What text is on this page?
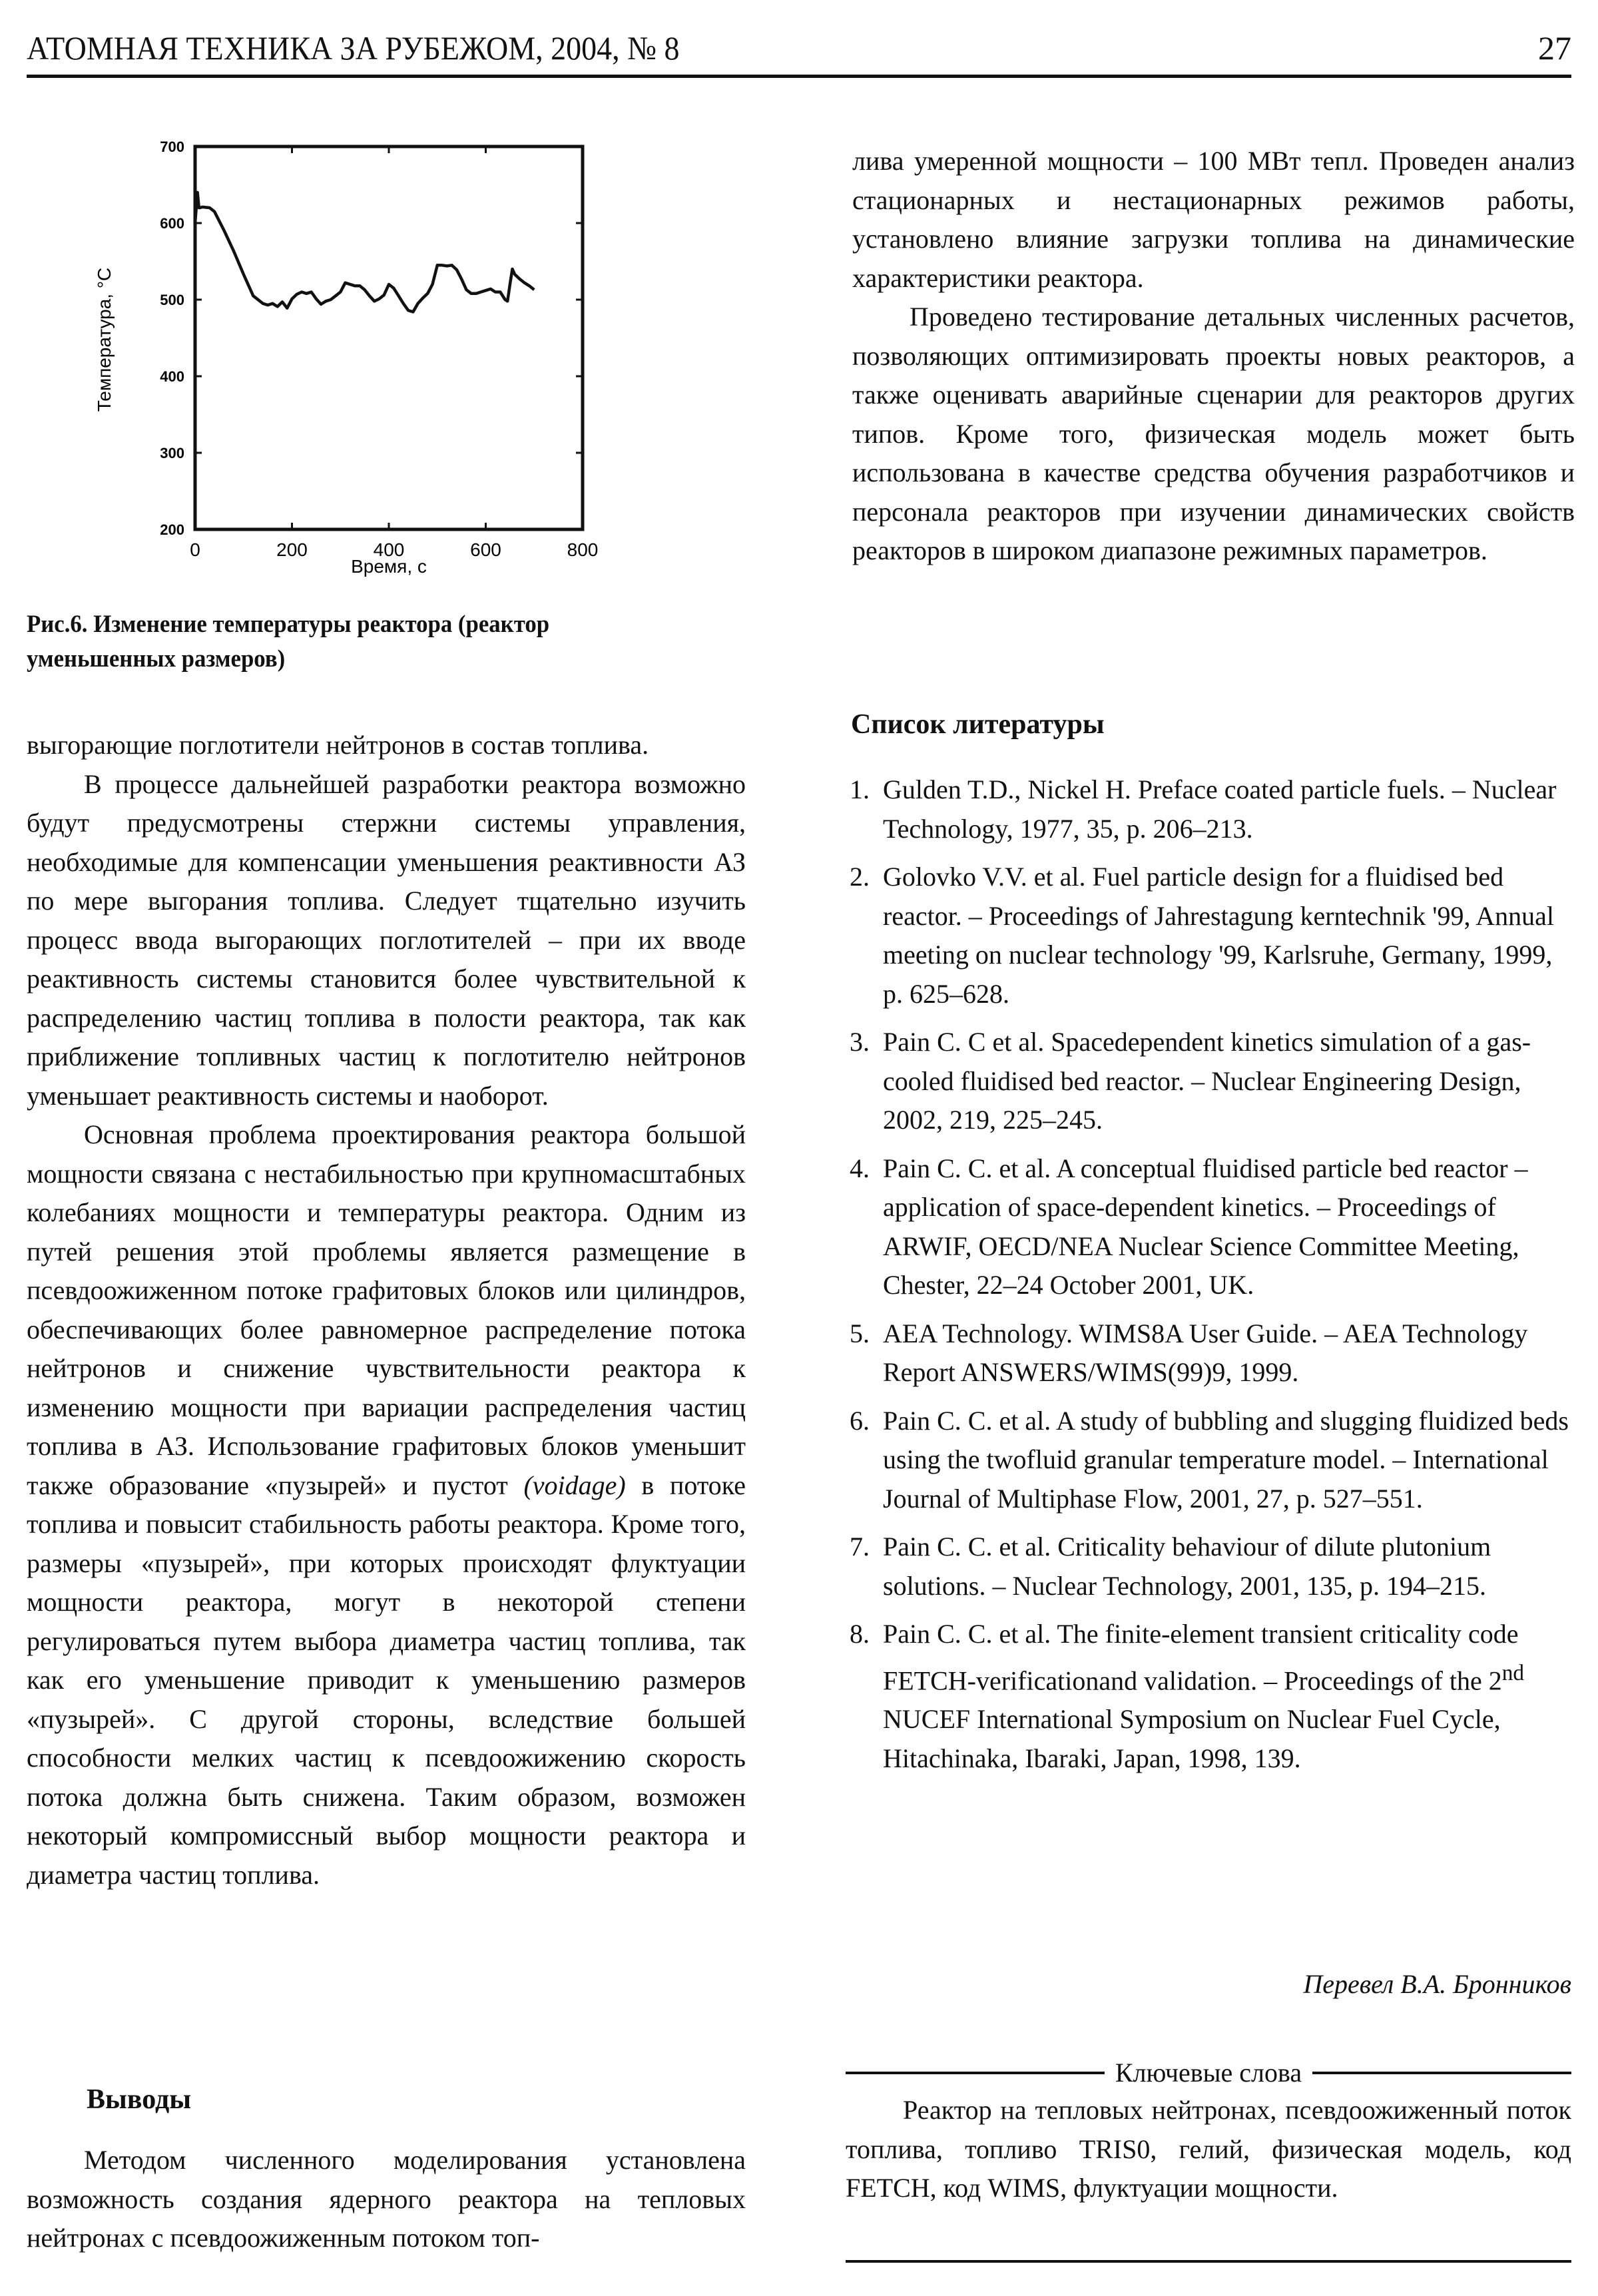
АТОМНАЯ ТЕХНИКА ЗА РУБЕЖОМ, 2004, № 8	27
200
300
400
500
600
700
0	200	400	600	800
Температура, °С
Время, с
Рис.6. Изменение температуры реактора (реактор уменьшенных размеров)

выгорающие поглотители нейтронов в состав топлива.

В процессе дальнейшей разработки реактора возможно будут предусмотрены стержни системы управления, необходимые для компенсации уменьшения реактивности АЗ по мере выгорания топлива. Следует тщательно изучить процесс ввода выгорающих поглотителей – при их вводе реактивность системы становится более чувствительной к распределению частиц топлива в полости реактора, так как приближение топливных частиц к поглотителю нейтронов уменьшает реактивность системы и наоборот.

Основная проблема проектирования реактора большой мощности связана с нестабильностью при крупномасштабных колебаниях мощности и температуры реактора. Одним из путей решения этой проблемы является размещение в псевдоожиженном потоке графитовых блоков или цилиндров, обеспечивающих более равномерное распределение потока нейтронов и снижение чувствительности реактора к изменению мощности при вариации распределения частиц топлива в АЗ. Использование графитовых блоков уменьшит также образование «пузырей» и пустот (voidage) в потоке топлива и повысит стабильность работы реактора. Кроме того, размеры «пузырей», при которых происходят флуктуации мощности реактора, могут в некоторой степени регулироваться путем выбора диаметра частиц топлива, так как его уменьшение приводит к уменьшению размеров «пузырей». С другой стороны, вследствие большей способности мелких частиц к псевдоожижению скорость потока должна быть снижена. Таким образом, возможен некоторый компромиссный выбор мощности реактора и диаметра частиц топлива.

Выводы

Методом численного моделирования установлена возможность создания ядерного реактора на тепловых нейтронах с псевдоожиженным потоком топ-

лива умеренной мощности – 100 МВт тепл. Проведен анализ стационарных и нестационарных режимов работы, установлено влияние загрузки топлива на динамические характеристики реактора.

Проведено тестирование детальных численных расчетов, позволяющих оптимизировать проекты новых реакторов, а также оценивать аварийные сценарии для реакторов других типов. Кроме того, физическая модель может быть использована в качестве средства обучения разработчиков и персонала реакторов при изучении динамических свойств реакторов в широком диапазоне режимных параметров.

Список литературы
1. Gulden T.D., Nickel H. Preface coated particle fuels. – Nuclear Technology, 1977, 35, p. 206–213.
2. Golovko V.V. et al. Fuel particle design for a fluidised bed reactor. – Proceedings of Jahrestagung kerntechnik '99, Annual meeting on nuclear technology '99, Karlsruhe, Germany, 1999, p. 625–628.
3. Pain C. C et al. Spacedependent kinetics simulation of a gas-cooled fluidised bed reactor. – Nuclear Engineering Design, 2002, 219, 225–245.
4. Pain C. C. et al. A conceptual fluidised particle bed reactor – application of space-dependent kinetics. – Proceedings of ARWIF, OECD/NEA Nuclear Science Committee Meeting, Chester, 22–24 October 2001, UK.
5. AEA Technology. WIMS8A User Guide. – AEA Technology Report ANSWERS/WIMS(99)9, 1999.
6. Pain C. C. et al. A study of bubbling and slugging fluidized beds using the twofluid granular temperature model. – International Journal of Multiphase Flow, 2001, 27, p. 527–551.
7. Pain C. C. et al. Criticality behaviour of dilute plutonium solutions. – Nuclear Technology, 2001, 135, p. 194–215.
8. Pain C. C. et al. The finite-element transient criticality code FETCH-verificationand validation. – Proceedings of the 2nd NUCEF International Symposium on Nuclear Fuel Cycle, Hitachinaka, Ibaraki, Japan, 1998, 139.
Перевел В.А. Бронников
Ключевые слова

Реактор на тепловых нейтронах, псевдоожиженный поток топлива, топливо TRIS0, гелий, физическая модель, код FETCH, код WIMS, флуктуации мощности.
